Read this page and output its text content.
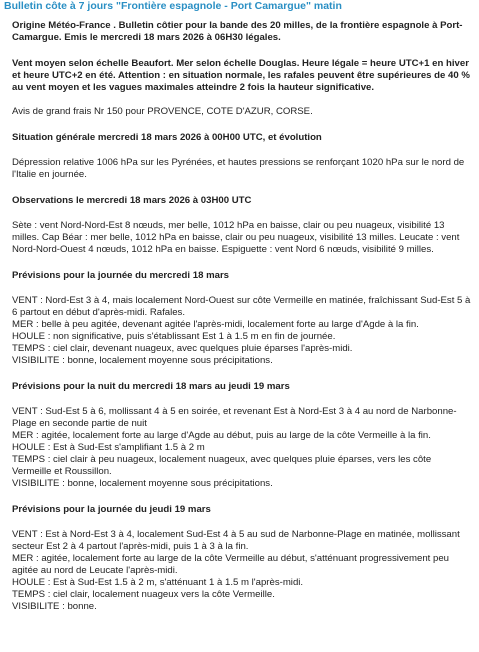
Bulletin côte à 7 jours "Frontière espagnole - Port Camargue" matin

Origine Météo-France . Bulletin côtier pour la bande des 20 milles, de la frontière espagnole à Port-Camargue. Emis le mercredi 18 mars 2026 à 06H30 légales.

Vent moyen selon échelle Beaufort. Mer selon échelle Douglas. Heure légale = heure UTC+1 en hiver et heure UTC+2 en été. Attention : en situation normale, les rafales peuvent être supérieures de 40 % au vent moyen et les vagues maximales atteindre 2 fois la hauteur significative.

Avis de grand frais Nr 150 pour PROVENCE, COTE D'AZUR, CORSE.

Situation générale mercredi 18 mars 2026 à 00H00 UTC, et évolution

Dépression relative 1006 hPa sur les Pyrénées, et hautes pressions se renforçant 1020 hPa sur le nord de l'Italie en journée.

Observations le mercredi 18 mars 2026 à 03H00 UTC

Sète : vent Nord-Nord-Est 8 nœuds, mer belle, 1012 hPa en baisse, clair ou peu nuageux, visibilité 13 milles. Cap Béar : mer belle, 1012 hPa en baisse, clair ou peu nuageux, visibilité 13 milles. Leucate : vent Nord-Nord-Ouest 4 nœuds, 1012 hPa en baisse. Espiguette : vent Nord 6 nœuds, visibilité 9 milles.

Prévisions pour la journée du mercredi 18 mars

VENT : Nord-Est 3 à 4, mais localement Nord-Ouest sur côte Vermeille en matinée, fraîchissant Sud-Est 5 à 6 partout en début d'après-midi. Rafales.
MER : belle à peu agitée, devenant agitée l'après-midi, localement forte au large d'Agde à la fin.
HOULE : non significative, puis s'établissant Est 1 à 1.5 m en fin de journée.
TEMPS : ciel clair, devenant nuageux, avec quelques pluie éparses l'après-midi.
VISIBILITE : bonne, localement moyenne sous précipitations.

Prévisions pour la nuit du mercredi 18 mars au jeudi 19 mars

VENT : Sud-Est 5 à 6, mollissant 4 à 5 en soirée, et revenant Est à Nord-Est 3 à 4 au nord de Narbonne-Plage en seconde partie de nuit
MER : agitée, localement forte au large d'Agde au début, puis au large de la côte Vermeille à la fin.
HOULE : Est à Sud-Est s'amplifiant 1.5 à 2 m
TEMPS : ciel clair à peu nuageux, localement nuageux, avec quelques pluie éparses, vers les côte Vermeille et Roussillon.
VISIBILITE : bonne, localement moyenne sous précipitations.

Prévisions pour la journée du jeudi 19 mars

VENT : Est à Nord-Est 3 à 4, localement Sud-Est 4 à 5 au sud de Narbonne-Plage en matinée, mollissant secteur Est 2 à 4 partout l'après-midi, puis 1 à 3 à la fin.
MER : agitée, localement forte au large de la côte Vermeille au début, s'atténuant progressivement peu agitée au nord de Leucate l'après-midi.
HOULE : Est à Sud-Est 1.5 à 2 m, s'atténuant 1 à 1.5 m l'après-midi.
TEMPS : ciel clair, localement nuageux vers la côte Vermeille.
VISIBILITE : bonne.
